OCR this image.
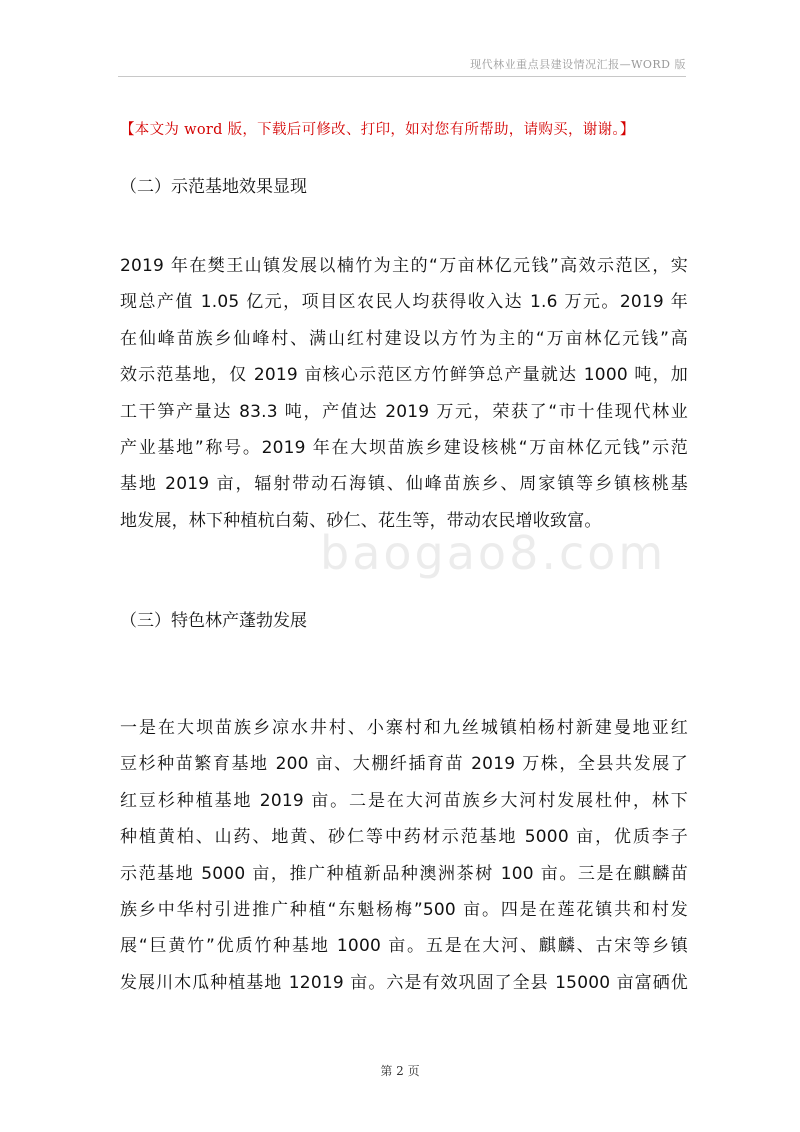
现代林业重点县建设情况汇报—WORD 版
【本文为 word 版，下载后可修改、打印，如对您有所帮助，请购买，谢谢。】
（二）示范基地效果显现
2019 年在樊王山镇发展以楠竹为主的“万亩林亿元钱”高效示范区，实
现总产值 1.05 亿元，项目区农民人均获得收入达 1.6 万元。2019 年
在仙峰苗族乡仙峰村、满山红村建设以方竹为主的“万亩林亿元钱”高
效示范基地，仅 2019 亩核心示范区方竹鲜笋总产量就达 1000 吨，加
工干笋产量达 83.3 吨，产值达 2019 万元，荣获了“市十佳现代林业
产业基地”称号。2019 年在大坝苗族乡建设核桃“万亩林亿元钱”示范
基地 2019 亩，辐射带动石海镇、仙峰苗族乡、周家镇等乡镇核桃基
地发展，林下种植杭白菊、砂仁、花生等，带动农民增收致富。
baogao8.com
（三）特色林产蓬勃发展
一是在大坝苗族乡凉水井村、小寨村和九丝城镇柏杨村新建曼地亚红
豆杉种苗繁育基地 200 亩、大棚纤插育苗 2019 万株，全县共发展了
红豆杉种植基地 2019 亩。二是在大河苗族乡大河村发展杜仲，林下
种植黄柏、山药、地黄、砂仁等中药材示范基地 5000 亩，优质李子
示范基地 5000 亩，推广种植新品种澳洲茶树 100 亩。三是在麒麟苗
族乡中华村引进推广种植“东魁杨梅”500 亩。四是在莲花镇共和村发
展“巨黄竹”优质竹种基地 1000 亩。五是在大河、麒麟、古宋等乡镇
发展川木瓜种植基地 12019 亩。六是有效巩固了全县 15000 亩富硒优
第 2 页
